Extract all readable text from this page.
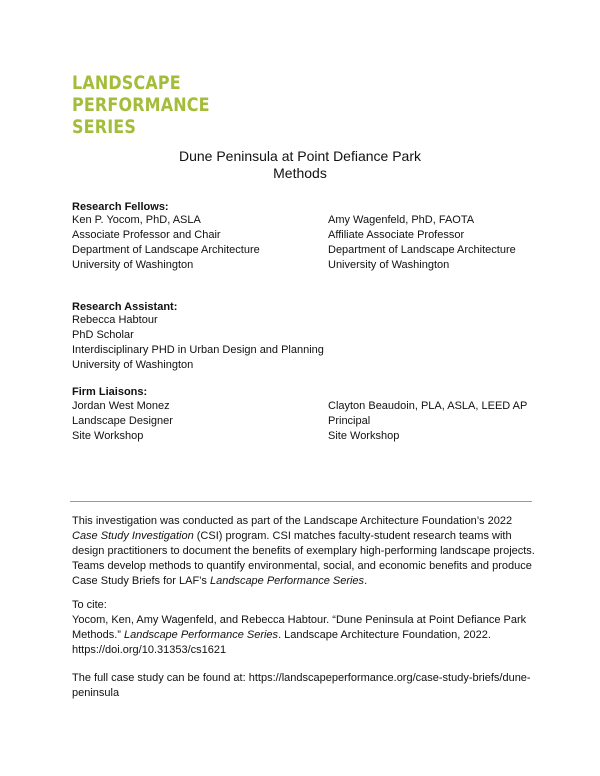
LANDSCAPE
PERFORMANCE
SERIES
Dune Peninsula at Point Defiance Park
Methods
Research Fellows:
Ken P. Yocom, PhD, ASLA
Associate Professor and Chair
Department of Landscape Architecture
University of Washington
Amy Wagenfeld, PhD, FAOTA
Affiliate Associate Professor
Department of Landscape Architecture
University of Washington
Research Assistant:
Rebecca Habtour
PhD Scholar
Interdisciplinary PHD in Urban Design and Planning
University of Washington
Firm Liaisons:
Jordan West Monez
Landscape Designer
Site Workshop
Clayton Beaudoin, PLA, ASLA, LEED AP
Principal
Site Workshop
This investigation was conducted as part of the Landscape Architecture Foundation’s 2022
Case Study Investigation (CSI) program. CSI matches faculty-student research teams with
design practitioners to document the benefits of exemplary high-performing landscape projects.
Teams develop methods to quantify environmental, social, and economic benefits and produce
Case Study Briefs for LAF’s Landscape Performance Series.
To cite:
Yocom, Ken, Amy Wagenfeld, and Rebecca Habtour. “Dune Peninsula at Point Defiance Park
Methods.” Landscape Performance Series. Landscape Architecture Foundation, 2022.
https://doi.org/10.31353/cs1621
The full case study can be found at: https://landscapeperformance.org/case-study-briefs/dune-
peninsula
